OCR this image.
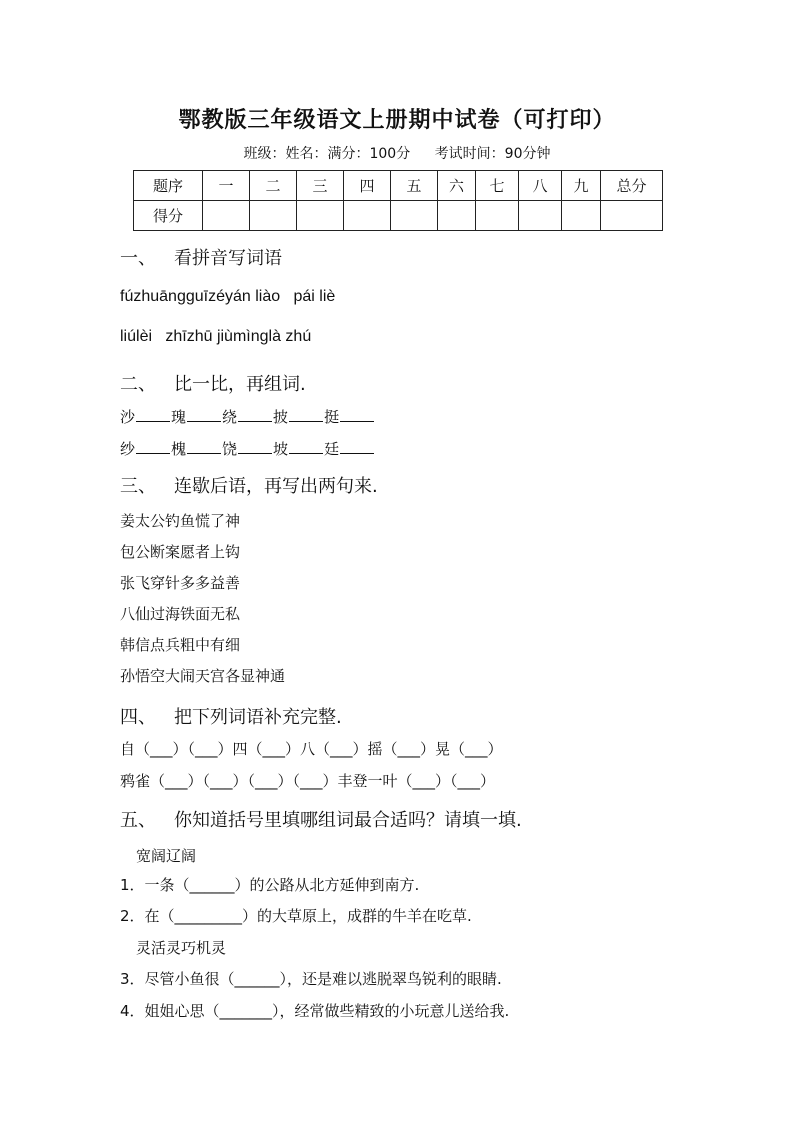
鄂教版三年级语文上册期中试卷（可打印）
班级：姓名：满分：100分 考试时间：90分钟
题序	一	二	三	四	五	六	七	八	九	总分
得分										
一、 看拼音写词语
fúzhuāngguīzéyán liào   pái liè
liúlèi   zhīzhū jiùmìnglà zhú
二、 比一比，再组词.
沙 瑰 绕 披 挺
纱 槐 饶 坡 廷
三、 连歇后语，再写出两句来.
姜太公钓鱼慌了神
包公断案愿者上钩
张飞穿针多多益善
八仙过海铁面无私
韩信点兵粗中有细
孙悟空大闹天宫各显神通
四、 把下列词语补充完整.
自（___）（___）四（___）八（___）摇（___）晃（___）
鸦雀（___）（___）（___）（___）丰登一叶（___）（___）
五、 你知道括号里填哪组词最合适吗？请填一填.
宽阔辽阔
1．一条（______）的公路从北方延伸到南方.
2．在（_________）的大草原上，成群的牛羊在吃草.
灵活灵巧机灵
3．尽管小鱼很（______），还是难以逃脱翠鸟锐利的眼睛.
4．姐姐心思（_______），经常做些精致的小玩意儿送给我.
